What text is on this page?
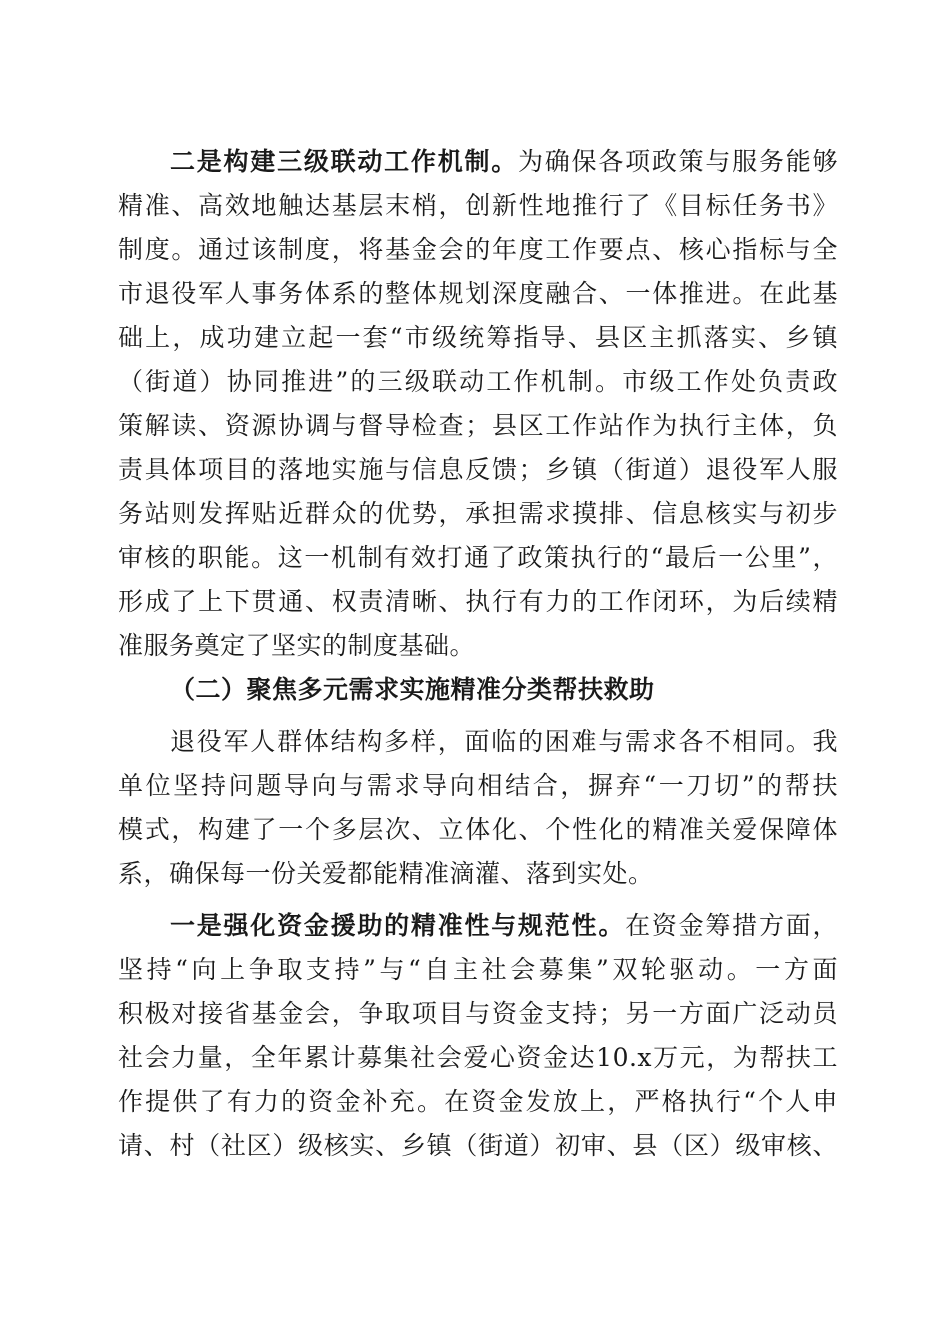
二是构建三级联动工作机制。为确保各项政策与服务能够
精准、高效地触达基层末梢，创新性地推行了《目标任务书》
制度。通过该制度，将基金会的年度工作要点、核心指标与全
市退役军人事务体系的整体规划深度融合、一体推进。在此基
础上，成功建立起一套“市级统筹指导、县区主抓落实、乡镇
（街道）协同推进”的三级联动工作机制。市级工作处负责政
策解读、资源协调与督导检查；县区工作站作为执行主体，负
责具体项目的落地实施与信息反馈；乡镇（街道）退役军人服
务站则发挥贴近群众的优势，承担需求摸排、信息核实与初步
审核的职能。这一机制有效打通了政策执行的“最后一公里”，
形成了上下贯通、权责清晰、执行有力的工作闭环，为后续精
准服务奠定了坚实的制度基础。
（二）聚焦多元需求实施精准分类帮扶救助
退役军人群体结构多样，面临的困难与需求各不相同。我
单位坚持问题导向与需求导向相结合，摒弃“一刀切”的帮扶
模式，构建了一个多层次、立体化、个性化的精准关爱保障体
系，确保每一份关爱都能精准滴灌、落到实处。
一是强化资金援助的精准性与规范性。在资金筹措方面，
坚持“向上争取支持”与“自主社会募集”双轮驱动。一方面
积极对接省基金会，争取项目与资金支持；另一方面广泛动员
社会力量，全年累计募集社会爱心资金达10.x万元，为帮扶工
作提供了有力的资金补充。在资金发放上，严格执行“个人申
请、村（社区）级核实、乡镇（街道）初审、县（区）级审核、
